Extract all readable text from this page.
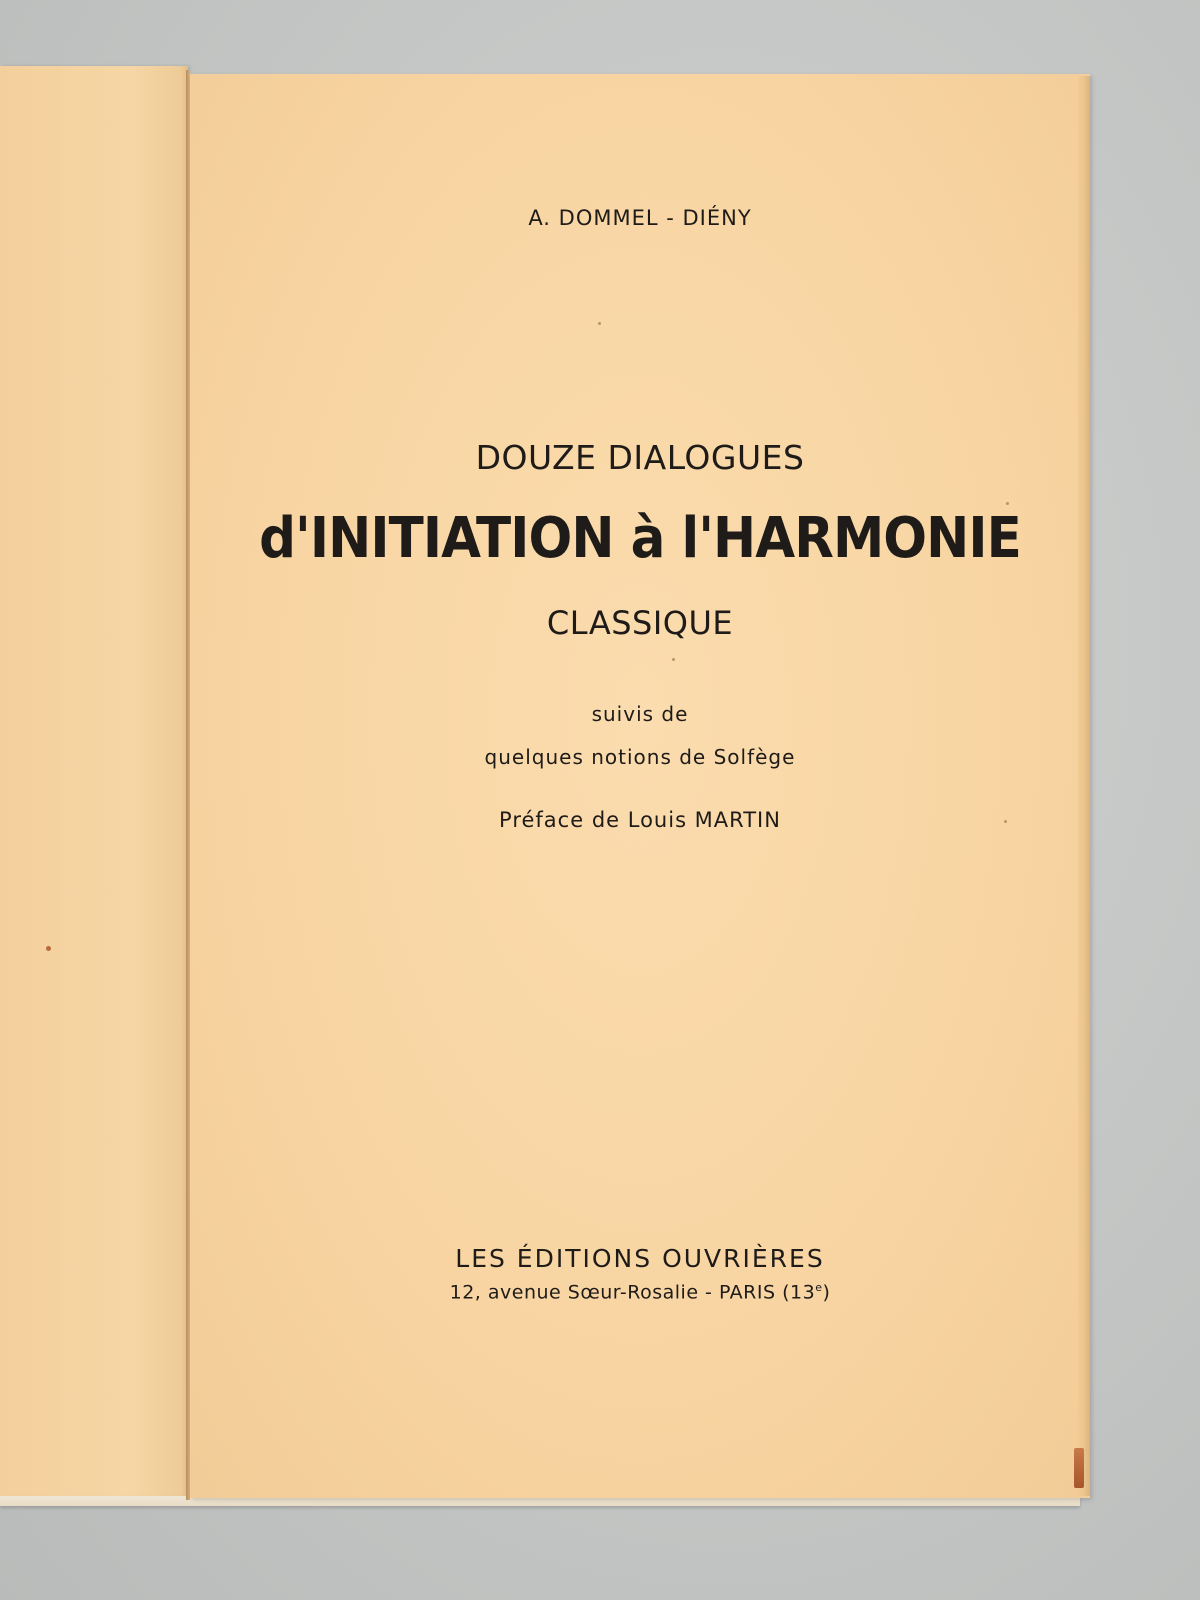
A. DOMMEL - DIÉNY
DOUZE DIALOGUES
d'INITIATION à l'HARMONIE
CLASSIQUE
suivis de
quelques notions de Solfège
Préface de Louis MARTIN
LES ÉDITIONS OUVRIÈRES
12, avenue Sœur-Rosalie - PARIS (13e)
